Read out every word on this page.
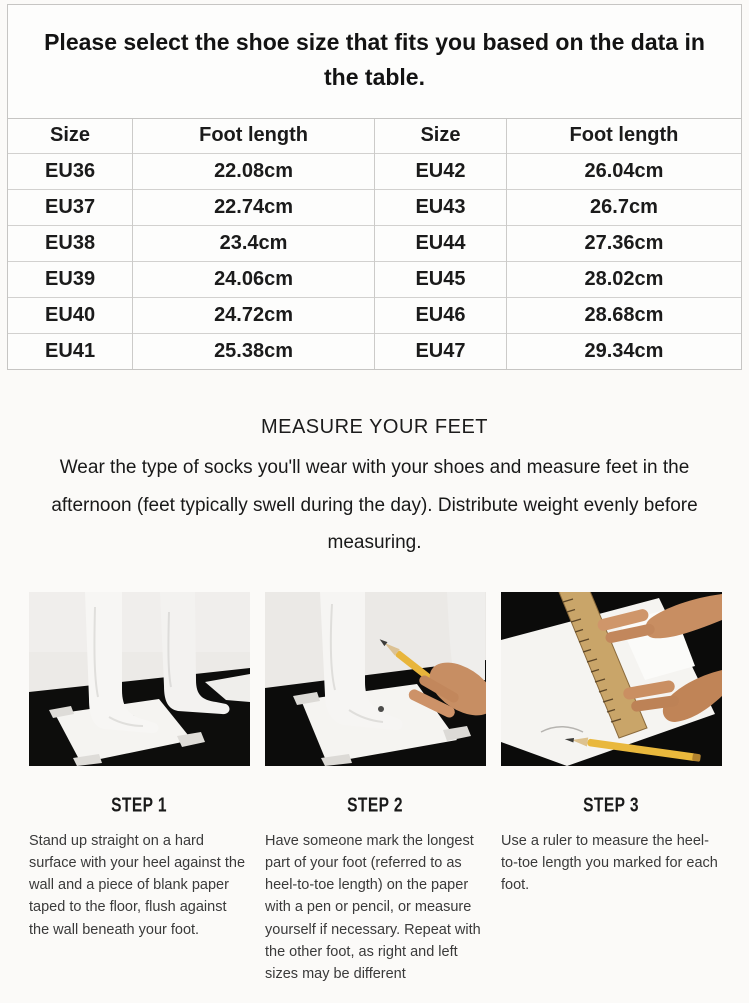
Please select the shoe size that fits you based on the data in the table.
Size	Foot length	Size	Foot length
EU36	22.08cm	EU42	26.04cm
EU37	22.74cm	EU43	26.7cm
EU38	23.4cm	EU44	27.36cm
EU39	24.06cm	EU45	28.02cm
EU40	24.72cm	EU46	28.68cm
EU41	25.38cm	EU47	29.34cm
MEASURE YOUR FEET
Wear the type of socks you'll wear with your shoes and measure feet in the afternoon (feet typically swell during the day). Distribute weight evenly before measuring.
STEP 1

Stand up straight on a hard surface with your heel against the wall and a piece of blank paper taped to the floor, flush against the wall beneath your foot.

STEP 2

Have someone mark the longest part of your foot (referred to as heel-to-toe length) on the paper with a pen or pencil, or measure yourself if necessary. Repeat with the other foot, as right and left sizes may be different

STEP 3

Use a ruler to measure the heel-to-toe length you marked for each foot.
